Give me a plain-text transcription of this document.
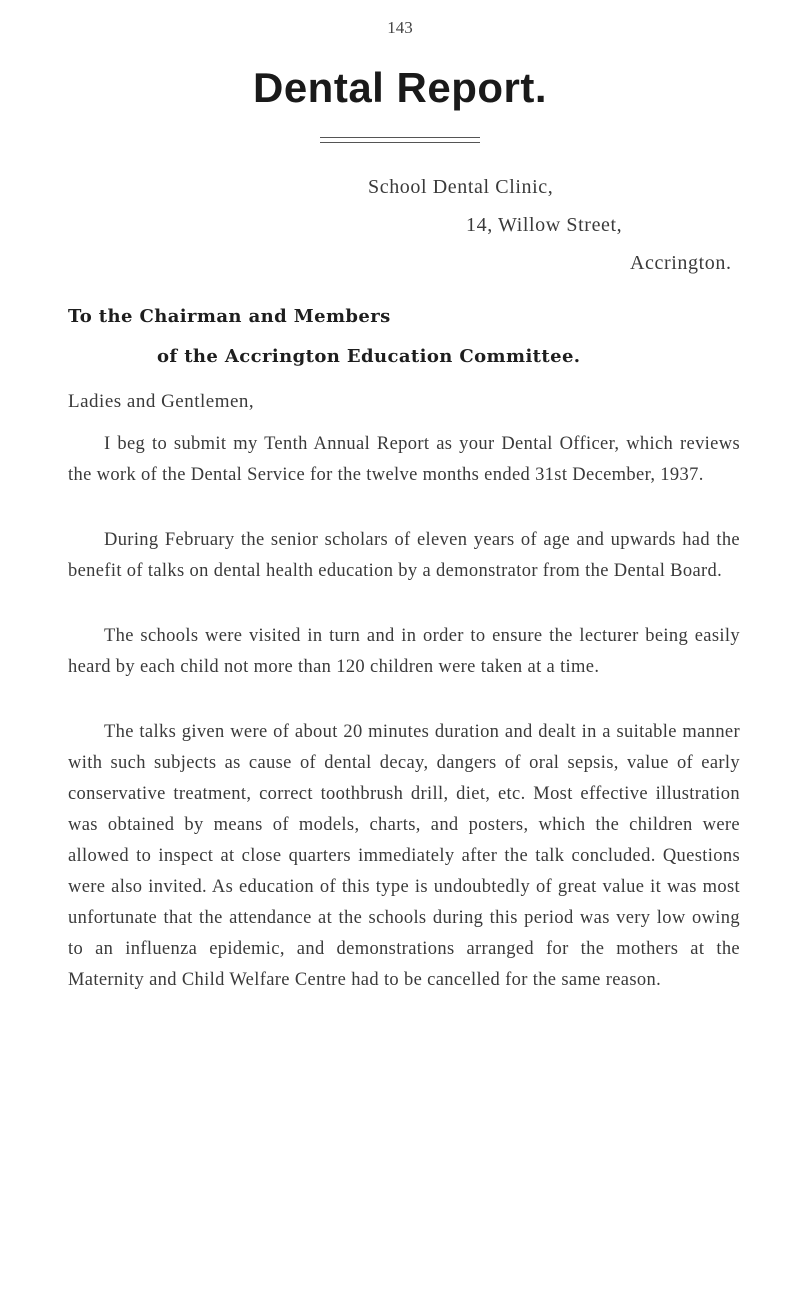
143
Dental Report.
School Dental Clinic,
14, Willow Street,
Accrington.
To the Chairman and Members
of the Accrington Education Committee.
Ladies and Gentlemen,

I beg to submit my Tenth Annual Report as your Dental Officer, which reviews the work of the Dental Service for the twelve months ended 31st December, 1937.

During February the senior scholars of eleven years of age and upwards had the benefit of talks on dental health education by a demonstrator from the Dental Board.

The schools were visited in turn and in order to ensure the lecturer being easily heard by each child not more than 120 children were taken at a time.

The talks given were of about 20 minutes duration and dealt in a suitable manner with such subjects as cause of dental decay, dangers of oral sepsis, value of early conservative treatment, correct toothbrush drill, diet, etc. Most effective illustration was obtained by means of models, charts, and posters, which the children were allowed to inspect at close quarters immediately after the talk concluded. Questions were also invited. As education of this type is undoubtedly of great value it was most unfortunate that the attendance at the schools during this period was very low owing to an influenza epidemic, and demonstrations arranged for the mothers at the Maternity and Child Welfare Centre had to be cancelled for the same reason.
